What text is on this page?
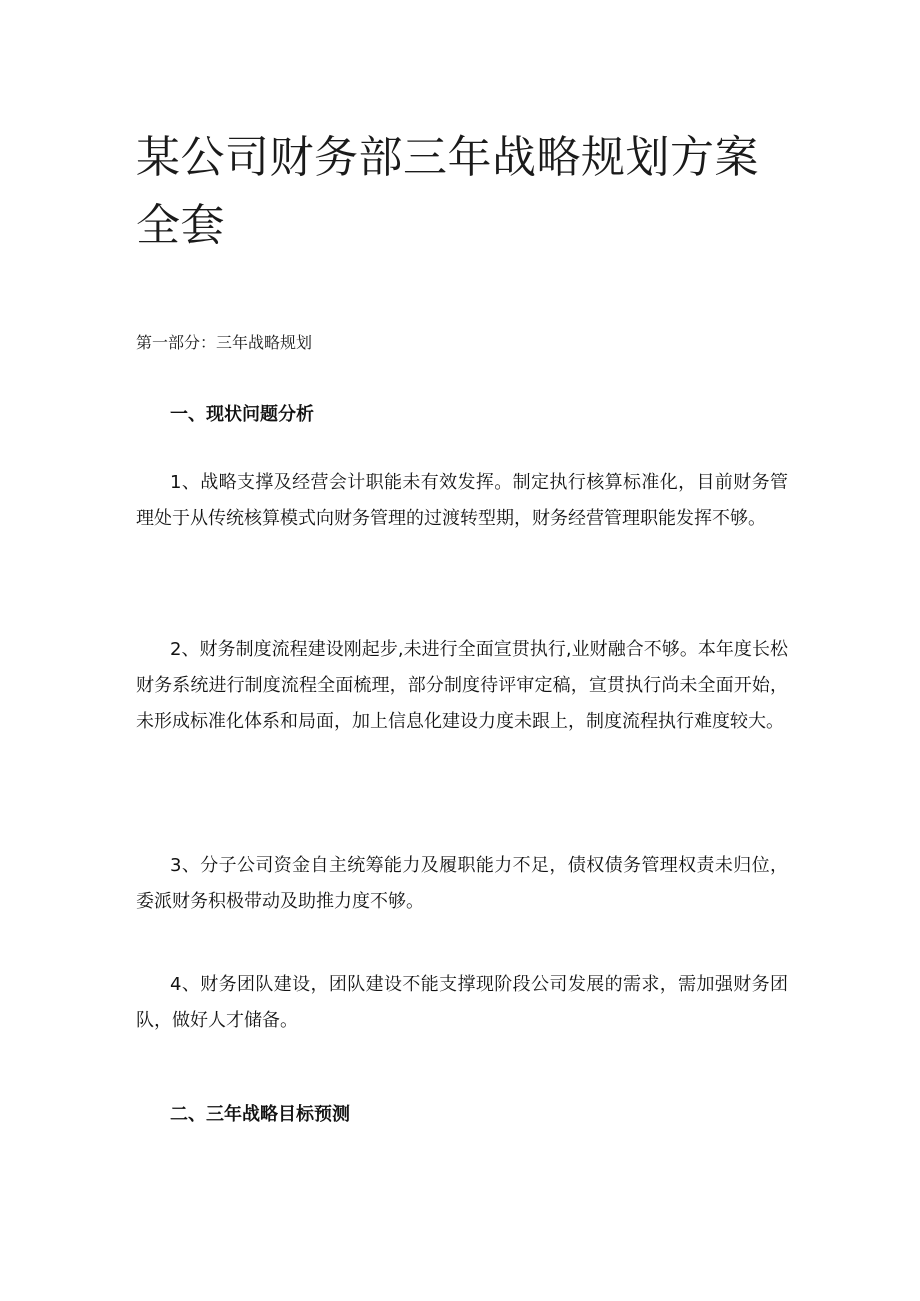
某公司财务部三年战略规划方案全套

第一部分：三年战略规划

一、现状问题分析

1、战略支撑及经营会计职能未有效发挥。制定执行核算标准化，目前财务管理处于从传统核算模式向财务管理的过渡转型期，财务经营管理职能发挥不够。

2、财务制度流程建设刚起步,未进行全面宣贯执行,业财融合不够。本年度长松财务系统进行制度流程全面梳理，部分制度待评审定稿，宣贯执行尚未全面开始，未形成标准化体系和局面，加上信息化建设力度未跟上，制度流程执行难度较大。

3、分子公司资金自主统筹能力及履职能力不足，债权债务管理权责未归位，委派财务积极带动及助推力度不够。

4、财务团队建设，团队建设不能支撑现阶段公司发展的需求，需加强财务团队，做好人才储备。

二、三年战略目标预测
